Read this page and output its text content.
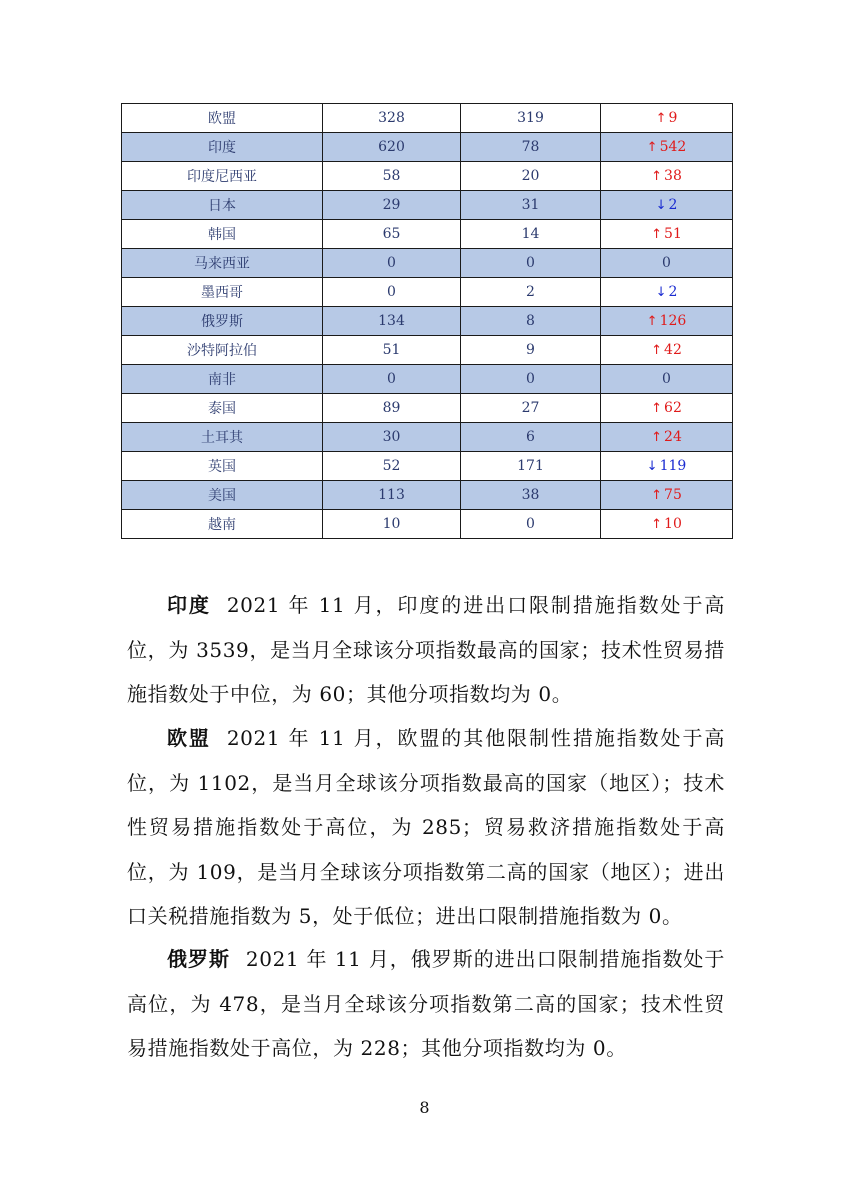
欧盟	328	319	↑ 9
印度	620	78	↑ 542
印度尼西亚	58	20	↑ 38
日本	29	31	↓ 2
韩国	65	14	↑ 51
马来西亚	0	0	0
墨西哥	0	2	↓ 2
俄罗斯	134	8	↑ 126
沙特阿拉伯	51	9	↑ 42
南非	0	0	0
泰国	89	27	↑ 62
土耳其	30	6	↑ 24
英国	52	171	↓ 119
美国	113	38	↑ 75
越南	10	0	↑ 10
印度 2021 年 11 月，印度的进出口限制措施指数处于高位，为 3539，是当月全球该分项指数最高的国家；技术性贸易措施指数处于中位，为 60；其他分项指数均为 0。
欧盟 2021 年 11 月，欧盟的其他限制性措施指数处于高位，为 1102，是当月全球该分项指数最高的国家（地区）；技术性贸易措施指数处于高位，为 285；贸易救济措施指数处于高位，为 109，是当月全球该分项指数第二高的国家（地区）；进出口关税措施指数为 5，处于低位；进出口限制措施指数为 0。
俄罗斯 2021 年 11 月，俄罗斯的进出口限制措施指数处于高位，为 478，是当月全球该分项指数第二高的国家；技术性贸易措施指数处于高位，为 228；其他分项指数均为 0。
8
